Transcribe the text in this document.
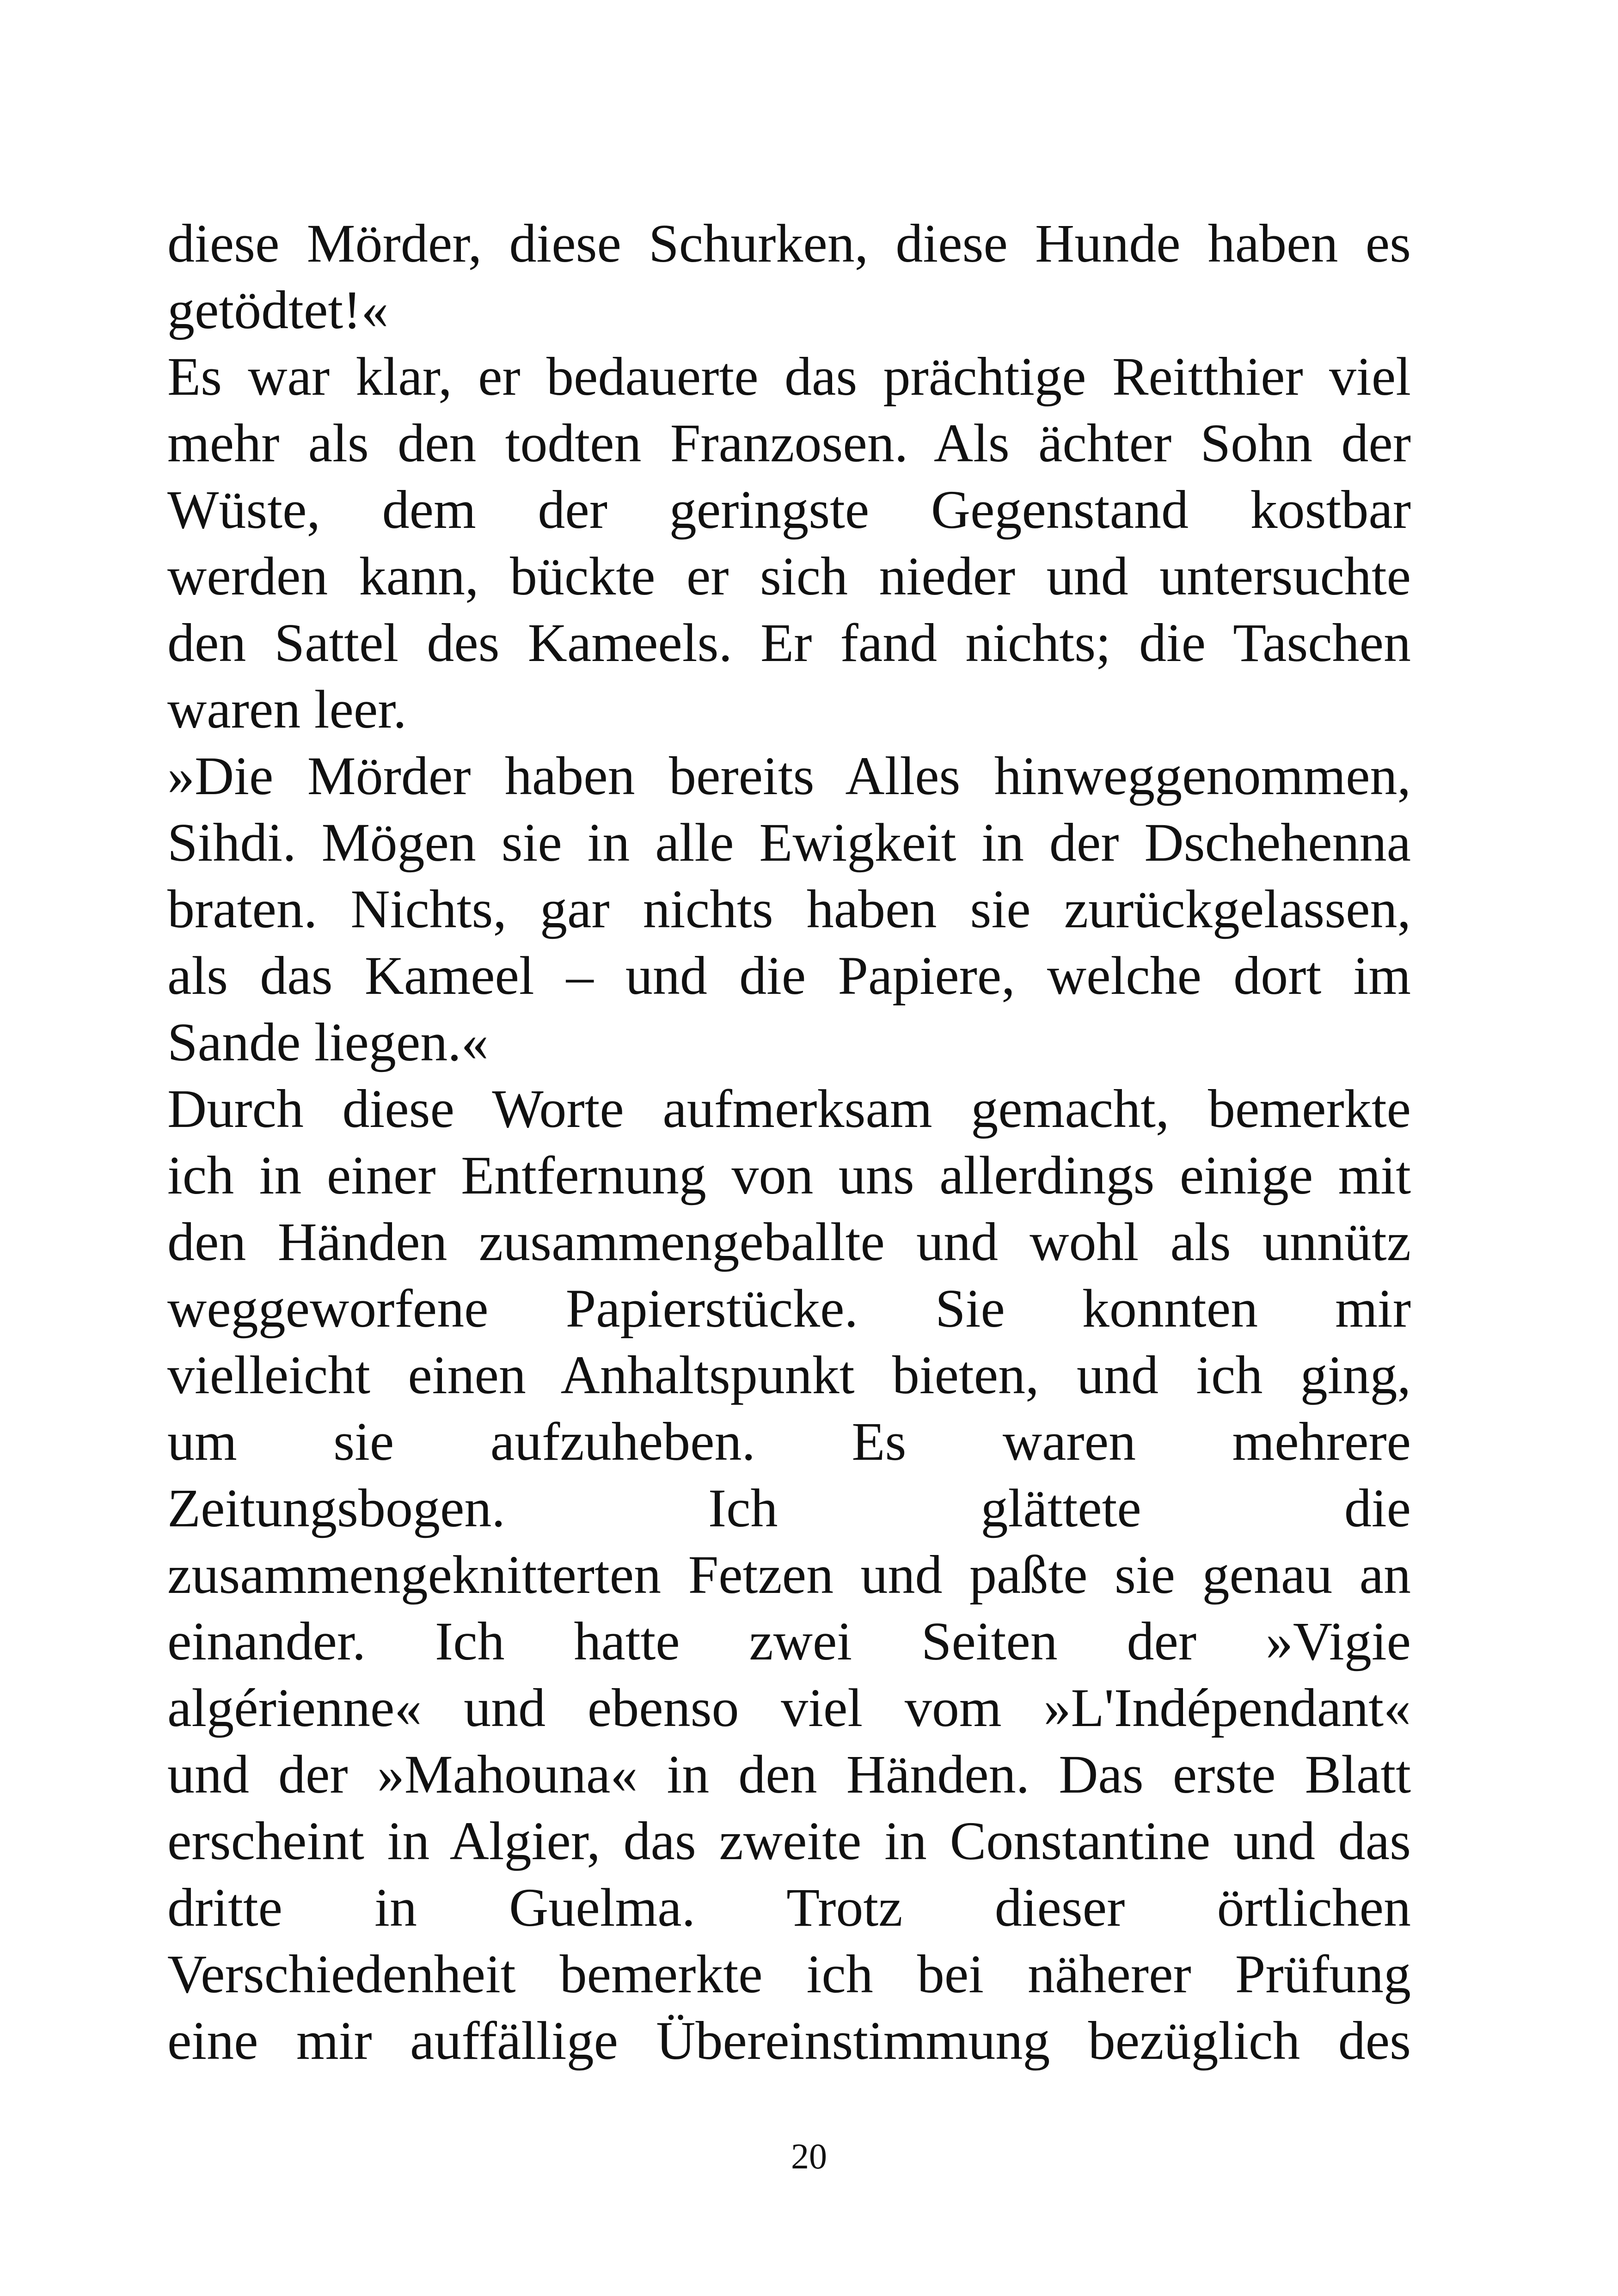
diese Mörder, diese Schurken, diese Hunde haben es
getödtet!«
Es war klar, er bedauerte das prächtige Reitthier viel
mehr als den todten Franzosen. Als ächter Sohn der
Wüste, dem der geringste Gegenstand kostbar
werden kann, bückte er sich nieder und untersuchte
den Sattel des Kameels. Er fand nichts; die Taschen
waren leer.
»Die Mörder haben bereits Alles hinweggenommen,
Sihdi. Mögen sie in alle Ewigkeit in der Dschehenna
braten. Nichts, gar nichts haben sie zurückgelassen,
als das Kameel – und die Papiere, welche dort im
Sande liegen.«
Durch diese Worte aufmerksam gemacht, bemerkte
ich in einer Entfernung von uns allerdings einige mit
den Händen zusammengeballte und wohl als unnütz
weggeworfene Papierstücke. Sie konnten mir
vielleicht einen Anhaltspunkt bieten, und ich ging,
um sie aufzuheben. Es waren mehrere
Zeitungsbogen. Ich glättete die
zusammengeknitterten Fetzen und paßte sie genau an
einander. Ich hatte zwei Seiten der »Vigie
algérienne« und ebenso viel vom »L'Indépendant«
und der »Mahouna« in den Händen. Das erste Blatt
erscheint in Algier, das zweite in Constantine und das
dritte in Guelma. Trotz dieser örtlichen
Verschiedenheit bemerkte ich bei näherer Prüfung
eine mir auffällige Übereinstimmung bezüglich des
20
